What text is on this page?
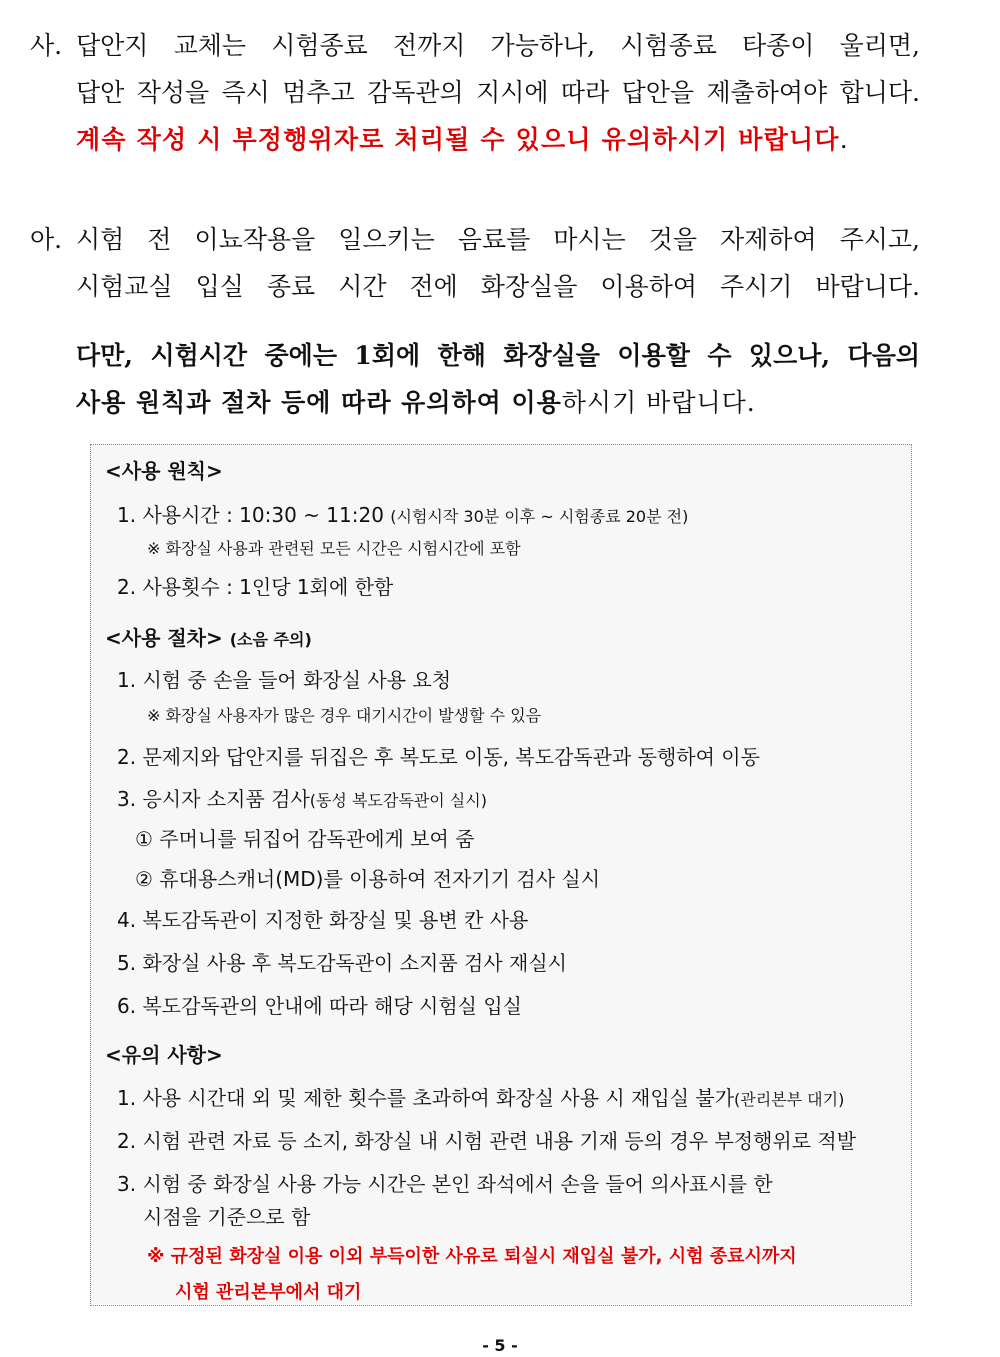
사. 답안지 교체는 시험종료 전까지 가능하나, 시험종료 타종이 울리면,
답안 작성을 즉시 멈추고 감독관의 지시에 따라 답안을 제출하여야 합니다.
계속 작성 시 부정행위자로 처리될 수 있으니 유의하시기 바랍니다.
아. 시험 전 이뇨작용을 일으키는 음료를 마시는 것을 자제하여 주시고,
시험교실 입실 종료 시간 전에 화장실을 이용하여 주시기 바랍니다.
다만, 시험시간 중에는 1회에 한해 화장실을 이용할 수 있으나, 다음의
사용 원칙과 절차 등에 따라 유의하여 이용하시기 바랍니다.
<사용 원칙>
1. 사용시간 : 10:30 ~ 11:20 (시험시작 30분 이후 ~ 시험종료 20분 전)
※ 화장실 사용과 관련된 모든 시간은 시험시간에 포함
2. 사용횟수 : 1인당 1회에 한함
<사용 절차> (소음 주의)
1. 시험 중 손을 들어 화장실 사용 요청
※ 화장실 사용자가 많은 경우 대기시간이 발생할 수 있음
2. 문제지와 답안지를 뒤집은 후 복도로 이동, 복도감독관과 동행하여 이동
3. 응시자 소지품 검사(동성 복도감독관이 실시)
① 주머니를 뒤집어 감독관에게 보여 줌
② 휴대용스캐너(MD)를 이용하여 전자기기 검사 실시
4. 복도감독관이 지정한 화장실 및 용변 칸 사용
5. 화장실 사용 후 복도감독관이 소지품 검사 재실시
6. 복도감독관의 안내에 따라 해당 시험실 입실
<유의 사항>
1. 사용 시간대 외 및 제한 횟수를 초과하여 화장실 사용 시 재입실 불가(관리본부 대기)
2. 시험 관련 자료 등 소지, 화장실 내 시험 관련 내용 기재 등의 경우 부정행위로 적발
3. 시험 중 화장실 사용 가능 시간은 본인 좌석에서 손을 들어 의사표시를 한
시점을 기준으로 함
※ 규정된 화장실 이용 이외 부득이한 사유로 퇴실시 재입실 불가, 시험 종료시까지
시험 관리본부에서 대기
- 5 -
